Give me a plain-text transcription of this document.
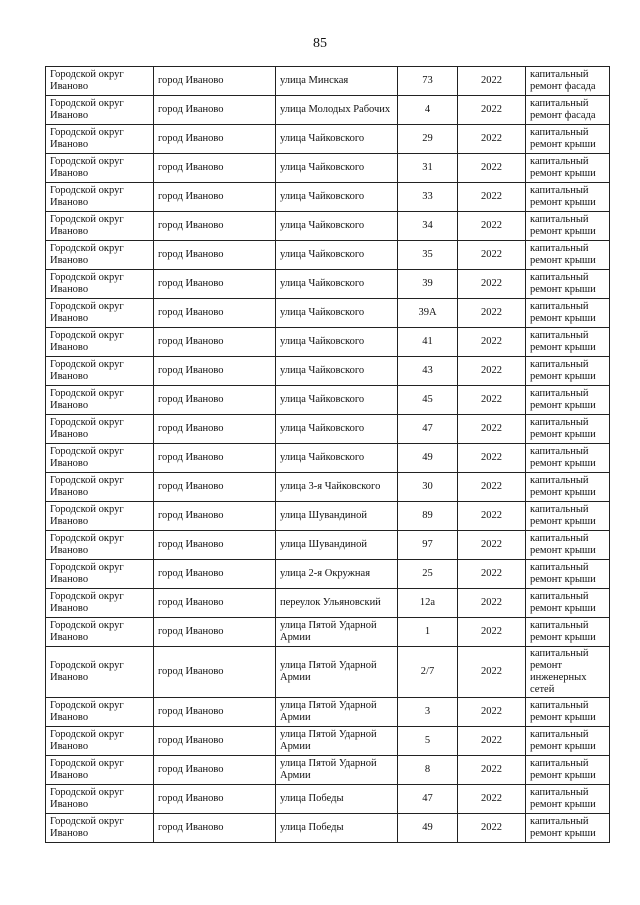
85
Городской округ Иваново	город Иваново	улица Минская	73	2022	капитальный ремонт фасада
Городской округ Иваново	город Иваново	улица Молодых Рабочих	4	2022	капитальный ремонт фасада
Городской округ Иваново	город Иваново	улица Чайковского	29	2022	капитальный ремонт крыши
Городской округ Иваново	город Иваново	улица Чайковского	31	2022	капитальный ремонт крыши
Городской округ Иваново	город Иваново	улица Чайковского	33	2022	капитальный ремонт крыши
Городской округ Иваново	город Иваново	улица Чайковского	34	2022	капитальный ремонт крыши
Городской округ Иваново	город Иваново	улица Чайковского	35	2022	капитальный ремонт крыши
Городской округ Иваново	город Иваново	улица Чайковского	39	2022	капитальный ремонт крыши
Городской округ Иваново	город Иваново	улица Чайковского	39А	2022	капитальный ремонт крыши
Городской округ Иваново	город Иваново	улица Чайковского	41	2022	капитальный ремонт крыши
Городской округ Иваново	город Иваново	улица Чайковского	43	2022	капитальный ремонт крыши
Городской округ Иваново	город Иваново	улица Чайковского	45	2022	капитальный ремонт крыши
Городской округ Иваново	город Иваново	улица Чайковского	47	2022	капитальный ремонт крыши
Городской округ Иваново	город Иваново	улица Чайковского	49	2022	капитальный ремонт крыши
Городской округ Иваново	город Иваново	улица 3-я Чайковского	30	2022	капитальный ремонт крыши
Городской округ Иваново	город Иваново	улица Шувандиной	89	2022	капитальный ремонт крыши
Городской округ Иваново	город Иваново	улица Шувандиной	97	2022	капитальный ремонт крыши
Городской округ Иваново	город Иваново	улица 2-я Окружная	25	2022	капитальный ремонт крыши
Городской округ Иваново	город Иваново	переулок Ульяновский	12а	2022	капитальный ремонт крыши
Городской округ Иваново	город Иваново	улица Пятой Ударной Армии	1	2022	капитальный ремонт крыши
Городской округ Иваново	город Иваново	улица Пятой Ударной Армии	2/7	2022	капитальный ремонт инженерных сетей
Городской округ Иваново	город Иваново	улица Пятой Ударной Армии	3	2022	капитальный ремонт крыши
Городской округ Иваново	город Иваново	улица Пятой Ударной Армии	5	2022	капитальный ремонт крыши
Городской округ Иваново	город Иваново	улица Пятой Ударной Армии	8	2022	капитальный ремонт крыши
Городской округ Иваново	город Иваново	улица Победы	47	2022	капитальный ремонт крыши
Городской округ Иваново	город Иваново	улица Победы	49	2022	капитальный ремонт крыши
